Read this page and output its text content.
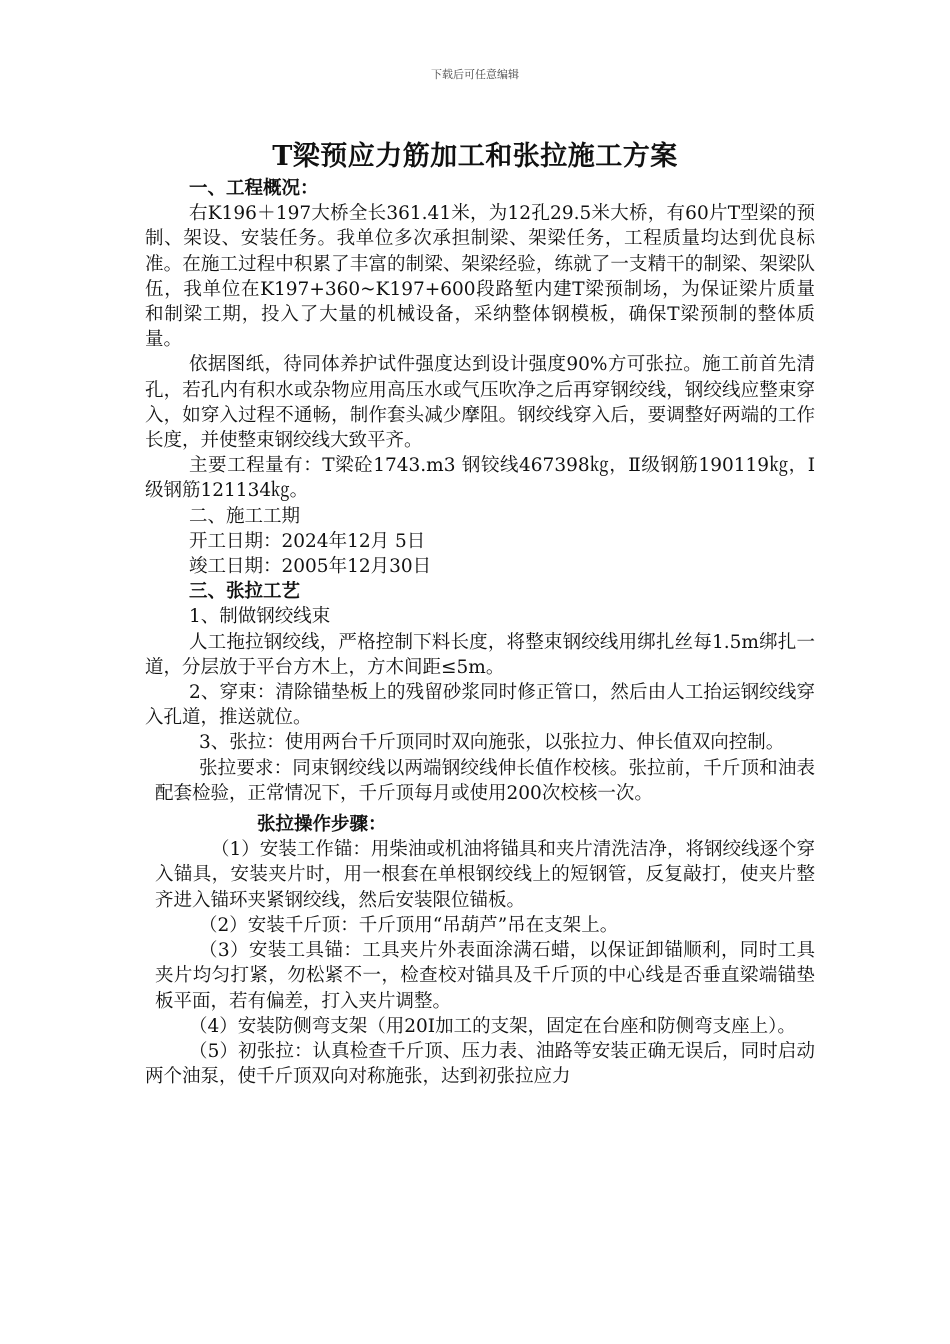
下载后可任意编辑
T梁预应力筋加工和张拉施工方案

一、工程概况：

右K196＋197大桥全长361.41米，为12孔29.5米大桥，有60片T型梁的预制、架设、安装任务。我单位多次承担制梁、架梁任务，工程质量均达到优良标准。在施工过程中积累了丰富的制梁、架梁经验，练就了一支精干的制梁、架梁队伍，我单位在K197+360~K197+600段路堑内建T梁预制场，为保证梁片质量和制梁工期，投入了大量的机械设备，采纳整体钢模板，确保T梁预制的整体质量。

依据图纸，待同体养护试件强度达到设计强度90%方可张拉。施工前首先清孔，若孔内有积水或杂物应用高压水或气压吹净之后再穿钢绞线，钢绞线应整束穿入，如穿入过程不通畅，制作套头减少摩阻。钢绞线穿入后，要调整好两端的工作长度，并使整束钢绞线大致平齐。

主要工程量有：T梁砼1743.m3 钢铰线467398㎏，Ⅱ级钢筋190119㎏，Ⅰ级钢筋121134㎏。

二、施工工期

开工日期：2024年12月 5日

竣工日期：2005年12月30日

三、张拉工艺

1、制做钢绞线束

人工拖拉钢绞线，严格控制下料长度，将整束钢绞线用绑扎丝每1.5m绑扎一道，分层放于平台方木上，方木间距≤5m。

2、穿束：清除锚垫板上的残留砂浆同时修正管口，然后由人工抬运钢绞线穿入孔道，推送就位。

3、张拉：使用两台千斤顶同时双向施张，以张拉力、伸长值双向控制。

张拉要求：同束钢绞线以两端钢绞线伸长值作校核。张拉前，千斤顶和油表配套检验，正常情况下，千斤顶每月或使用200次校核一次。

张拉操作步骤：

（1）安装工作锚：用柴油或机油将锚具和夹片清洗洁净，将钢绞线逐个穿入锚具，安装夹片时，用一根套在单根钢绞线上的短钢管，反复敲打，使夹片整齐进入锚环夹紧钢绞线，然后安装限位锚板。

（2）安装千斤顶：千斤顶用“吊葫芦”吊在支架上。

（3）安装工具锚：工具夹片外表面涂满石蜡，以保证卸锚顺利，同时工具夹片均匀打紧，勿松紧不一，检查校对锚具及千斤顶的中心线是否垂直梁端锚垫板平面，若有偏差，打入夹片调整。

（4）安装防侧弯支架（用20I加工的支架，固定在台座和防侧弯支座上）。

（5）初张拉：认真检查千斤顶、压力表、油路等安装正确无误后，同时启动两个油泵，使千斤顶双向对称施张，达到初张拉应力
